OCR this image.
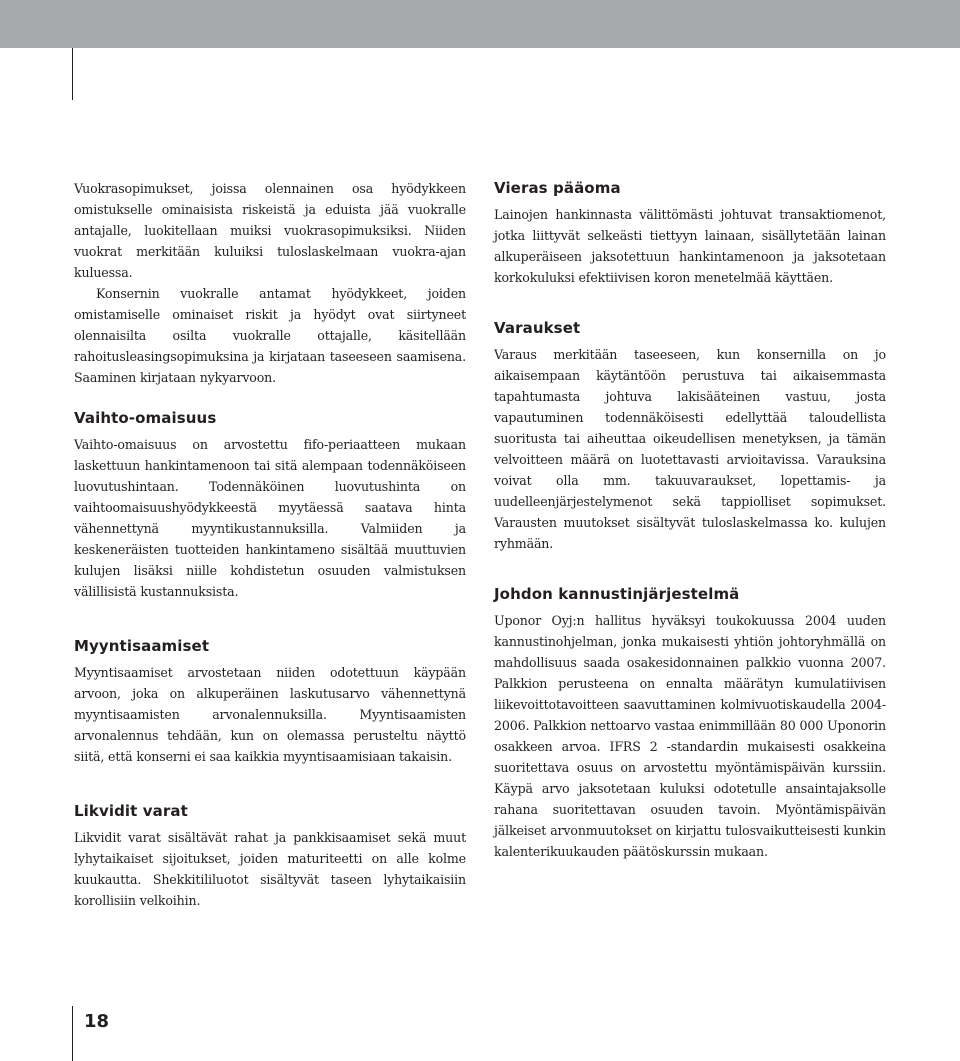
Vuokrasopimukset, joissa olennainen osa hyödykkeen omistukselle ominaisista riskeistä ja eduista jää vuokralle antajalle, luokitellaan muiksi vuokrasopimuksiksi. Niiden vuokrat merkitään kuluiksi tuloslaskelmaan vuokra-ajan kuluessa.

Konsernin vuokralle antamat hyödykkeet, joiden omistamiselle ominaiset riskit ja hyödyt ovat siirtyneet olennaisilta osilta vuokralle ottajalle, käsitellään rahoitusleasingsopimuksina ja kirjataan taseeseen saamisena. Saaminen kirjataan nykyarvoon.

Vaihto-omaisuus

Vaihto-omaisuus on arvostettu fifo-periaatteen mukaan laskettuun hankintamenoon tai sitä alempaan todennäköiseen luovutushintaan. Todennäköinen luovutushinta on vaihtoomaisuushyödykkeestä myytäessä saatava hinta vähennettynä myyntikustannuksilla. Valmiiden ja keskeneräisten tuotteiden hankintameno sisältää muuttuvien kulujen lisäksi niille kohdistetun osuuden valmistuksen välillisistä kustannuksista.

Myyntisaamiset

Myyntisaamiset arvostetaan niiden odotettuun käypään arvoon, joka on alkuperäinen laskutusarvo vähennettynä myyntisaamisten arvonalennuksilla. Myyntisaamisten arvonalennus tehdään, kun on olemassa perusteltu näyttö siitä, että konserni ei saa kaikkia myyntisaamisiaan takaisin.

Likvidit varat

Likvidit varat sisältävät rahat ja pankkisaamiset sekä muut lyhytaikaiset sijoitukset, joiden maturiteetti on alle kolme kuukautta. Shekkitililuotot sisältyvät taseen lyhytaikaisiin korollisiin velkoihin.

Vieras pääoma

Lainojen hankinnasta välittömästi johtuvat transaktiomenot, jotka liittyvät selkeästi tiettyyn lainaan, sisällytetään lainan alkuperäiseen jaksotettuun hankintamenoon ja jaksotetaan korkokuluksi efektiivisen koron menetelmää käyttäen.

Varaukset

Varaus merkitään taseeseen, kun konsernilla on jo aikaisempaan käytäntöön perustuva tai aikaisemmasta tapahtumasta johtuva lakisääteinen vastuu, josta vapautuminen todennäköisesti edellyttää taloudellista suoritusta tai aiheuttaa oikeudellisen menetyksen, ja tämän velvoitteen määrä on luotettavasti arvioitavissa. Varauksina voivat olla mm. takuuvaraukset, lopettamis- ja uudelleenjärjestelymenot sekä tappiolliset sopimukset. Varausten muutokset sisältyvät tuloslaskelmassa ko. kulujen ryhmään.

Johdon kannustinjärjestelmä

Uponor Oyj:n hallitus hyväksyi toukokuussa 2004 uuden kannustinohjelman, jonka mukaisesti yhtiön johtoryhmällä on mahdollisuus saada osakesidonnainen palkkio vuonna 2007. Palkkion perusteena on ennalta määrätyn kumulatiivisen liikevoittotavoitteen saavuttaminen kolmivuotiskaudella 2004-2006. Palkkion nettoarvo vastaa enimmillään 80 000 Uponorin osakkeen arvoa. IFRS 2 -standardin mukaisesti osakkeina suoritettava osuus on arvostettu myöntämispäivän kurssiin. Käypä arvo jaksotetaan kuluksi odotetulle ansaintajaksolle rahana suoritettavan osuuden tavoin. Myöntämispäivän jälkeiset arvonmuutokset on kirjattu tulosvaikutteisesti kunkin kalenterikuukauden päätöskurssin mukaan.

18
